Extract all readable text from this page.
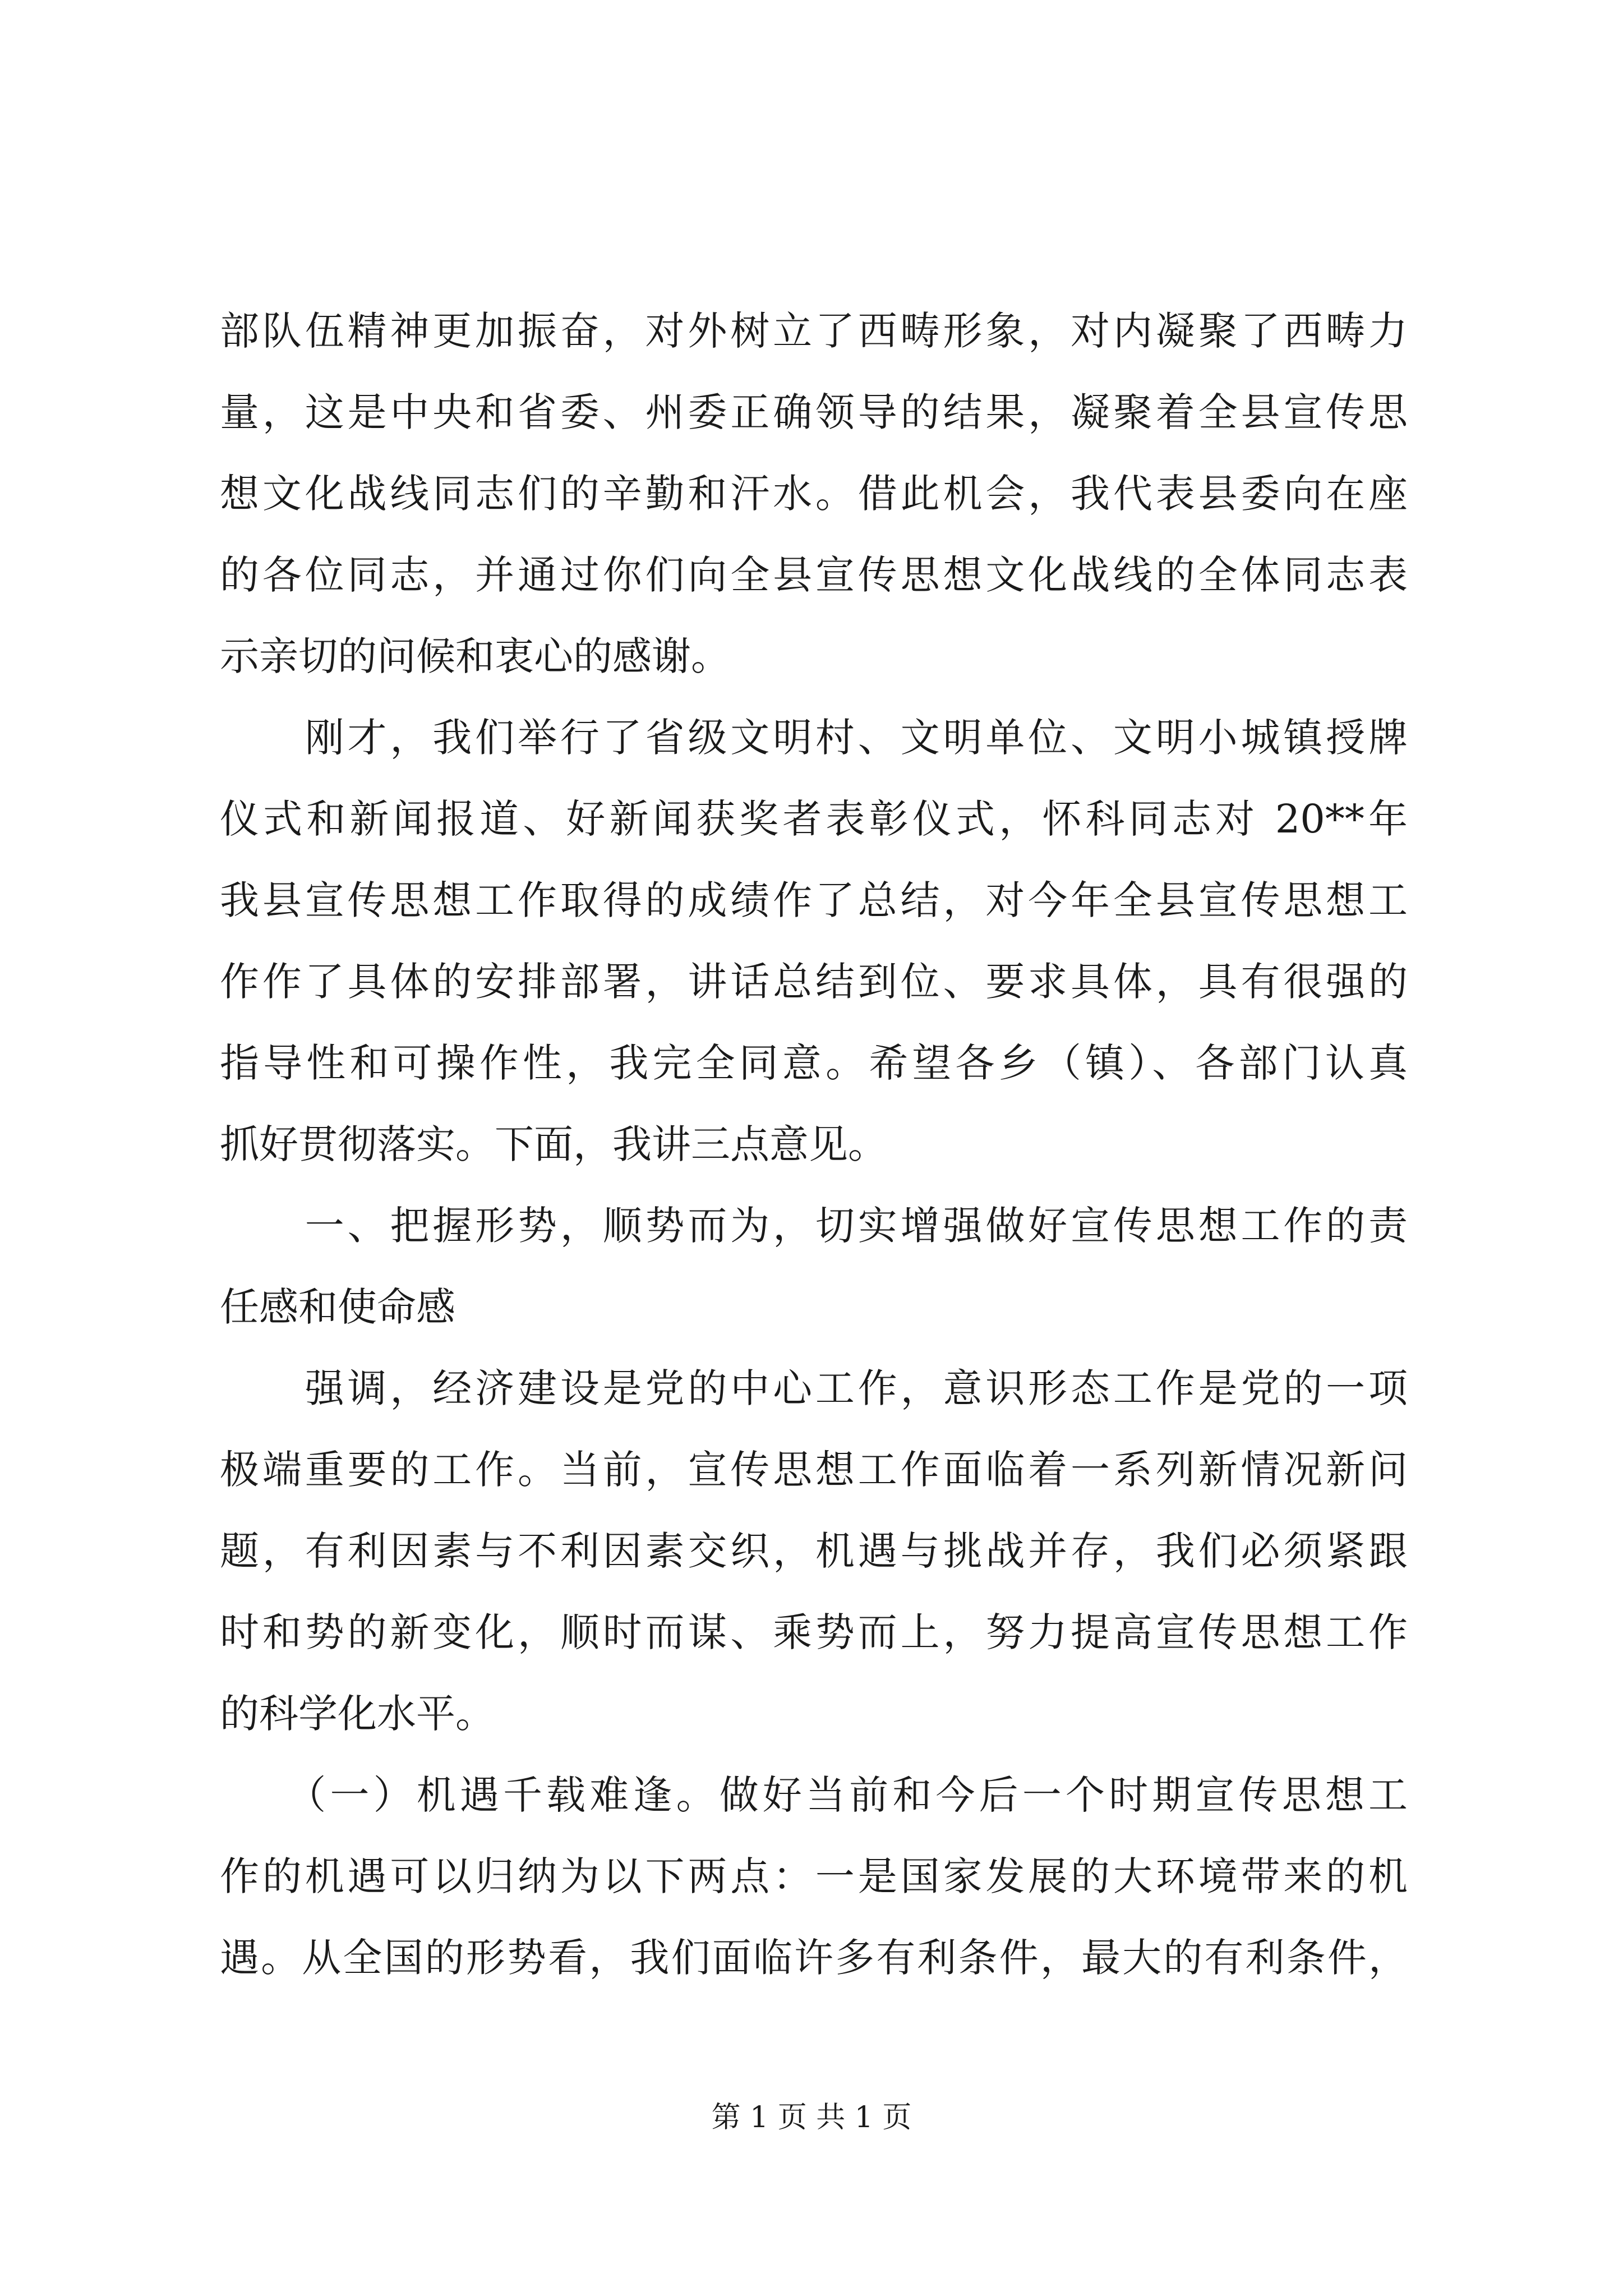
部队伍精神更加振奋，对外树立了西畴形象，对内凝聚了西畴力
量，这是中央和省委、州委正确领导的结果，凝聚着全县宣传思
想文化战线同志们的辛勤和汗水。借此机会，我代表县委向在座
的各位同志，并通过你们向全县宣传思想文化战线的全体同志表
示亲切的问候和衷心的感谢。
　　刚才，我们举行了省级文明村、文明单位、文明小城镇授牌
仪式和新闻报道、好新闻获奖者表彰仪式，怀科同志对 20**年
我县宣传思想工作取得的成绩作了总结，对今年全县宣传思想工
作作了具体的安排部署，讲话总结到位、要求具体，具有很强的
指导性和可操作性，我完全同意。希望各乡（镇）、各部门认真
抓好贯彻落实。下面，我讲三点意见。
　　一、把握形势，顺势而为，切实增强做好宣传思想工作的责
任感和使命感
　　强调，经济建设是党的中心工作，意识形态工作是党的一项
极端重要的工作。当前，宣传思想工作面临着一系列新情况新问
题，有利因素与不利因素交织，机遇与挑战并存，我们必须紧跟
时和势的新变化，顺时而谋、乘势而上，努力提高宣传思想工作
的科学化水平。
　　（一）机遇千载难逢。做好当前和今后一个时期宣传思想工
作的机遇可以归纳为以下两点：一是国家发展的大环境带来的机
遇。从全国的形势看，我们面临许多有利条件，最大的有利条件，
第 1 页 共 1 页
